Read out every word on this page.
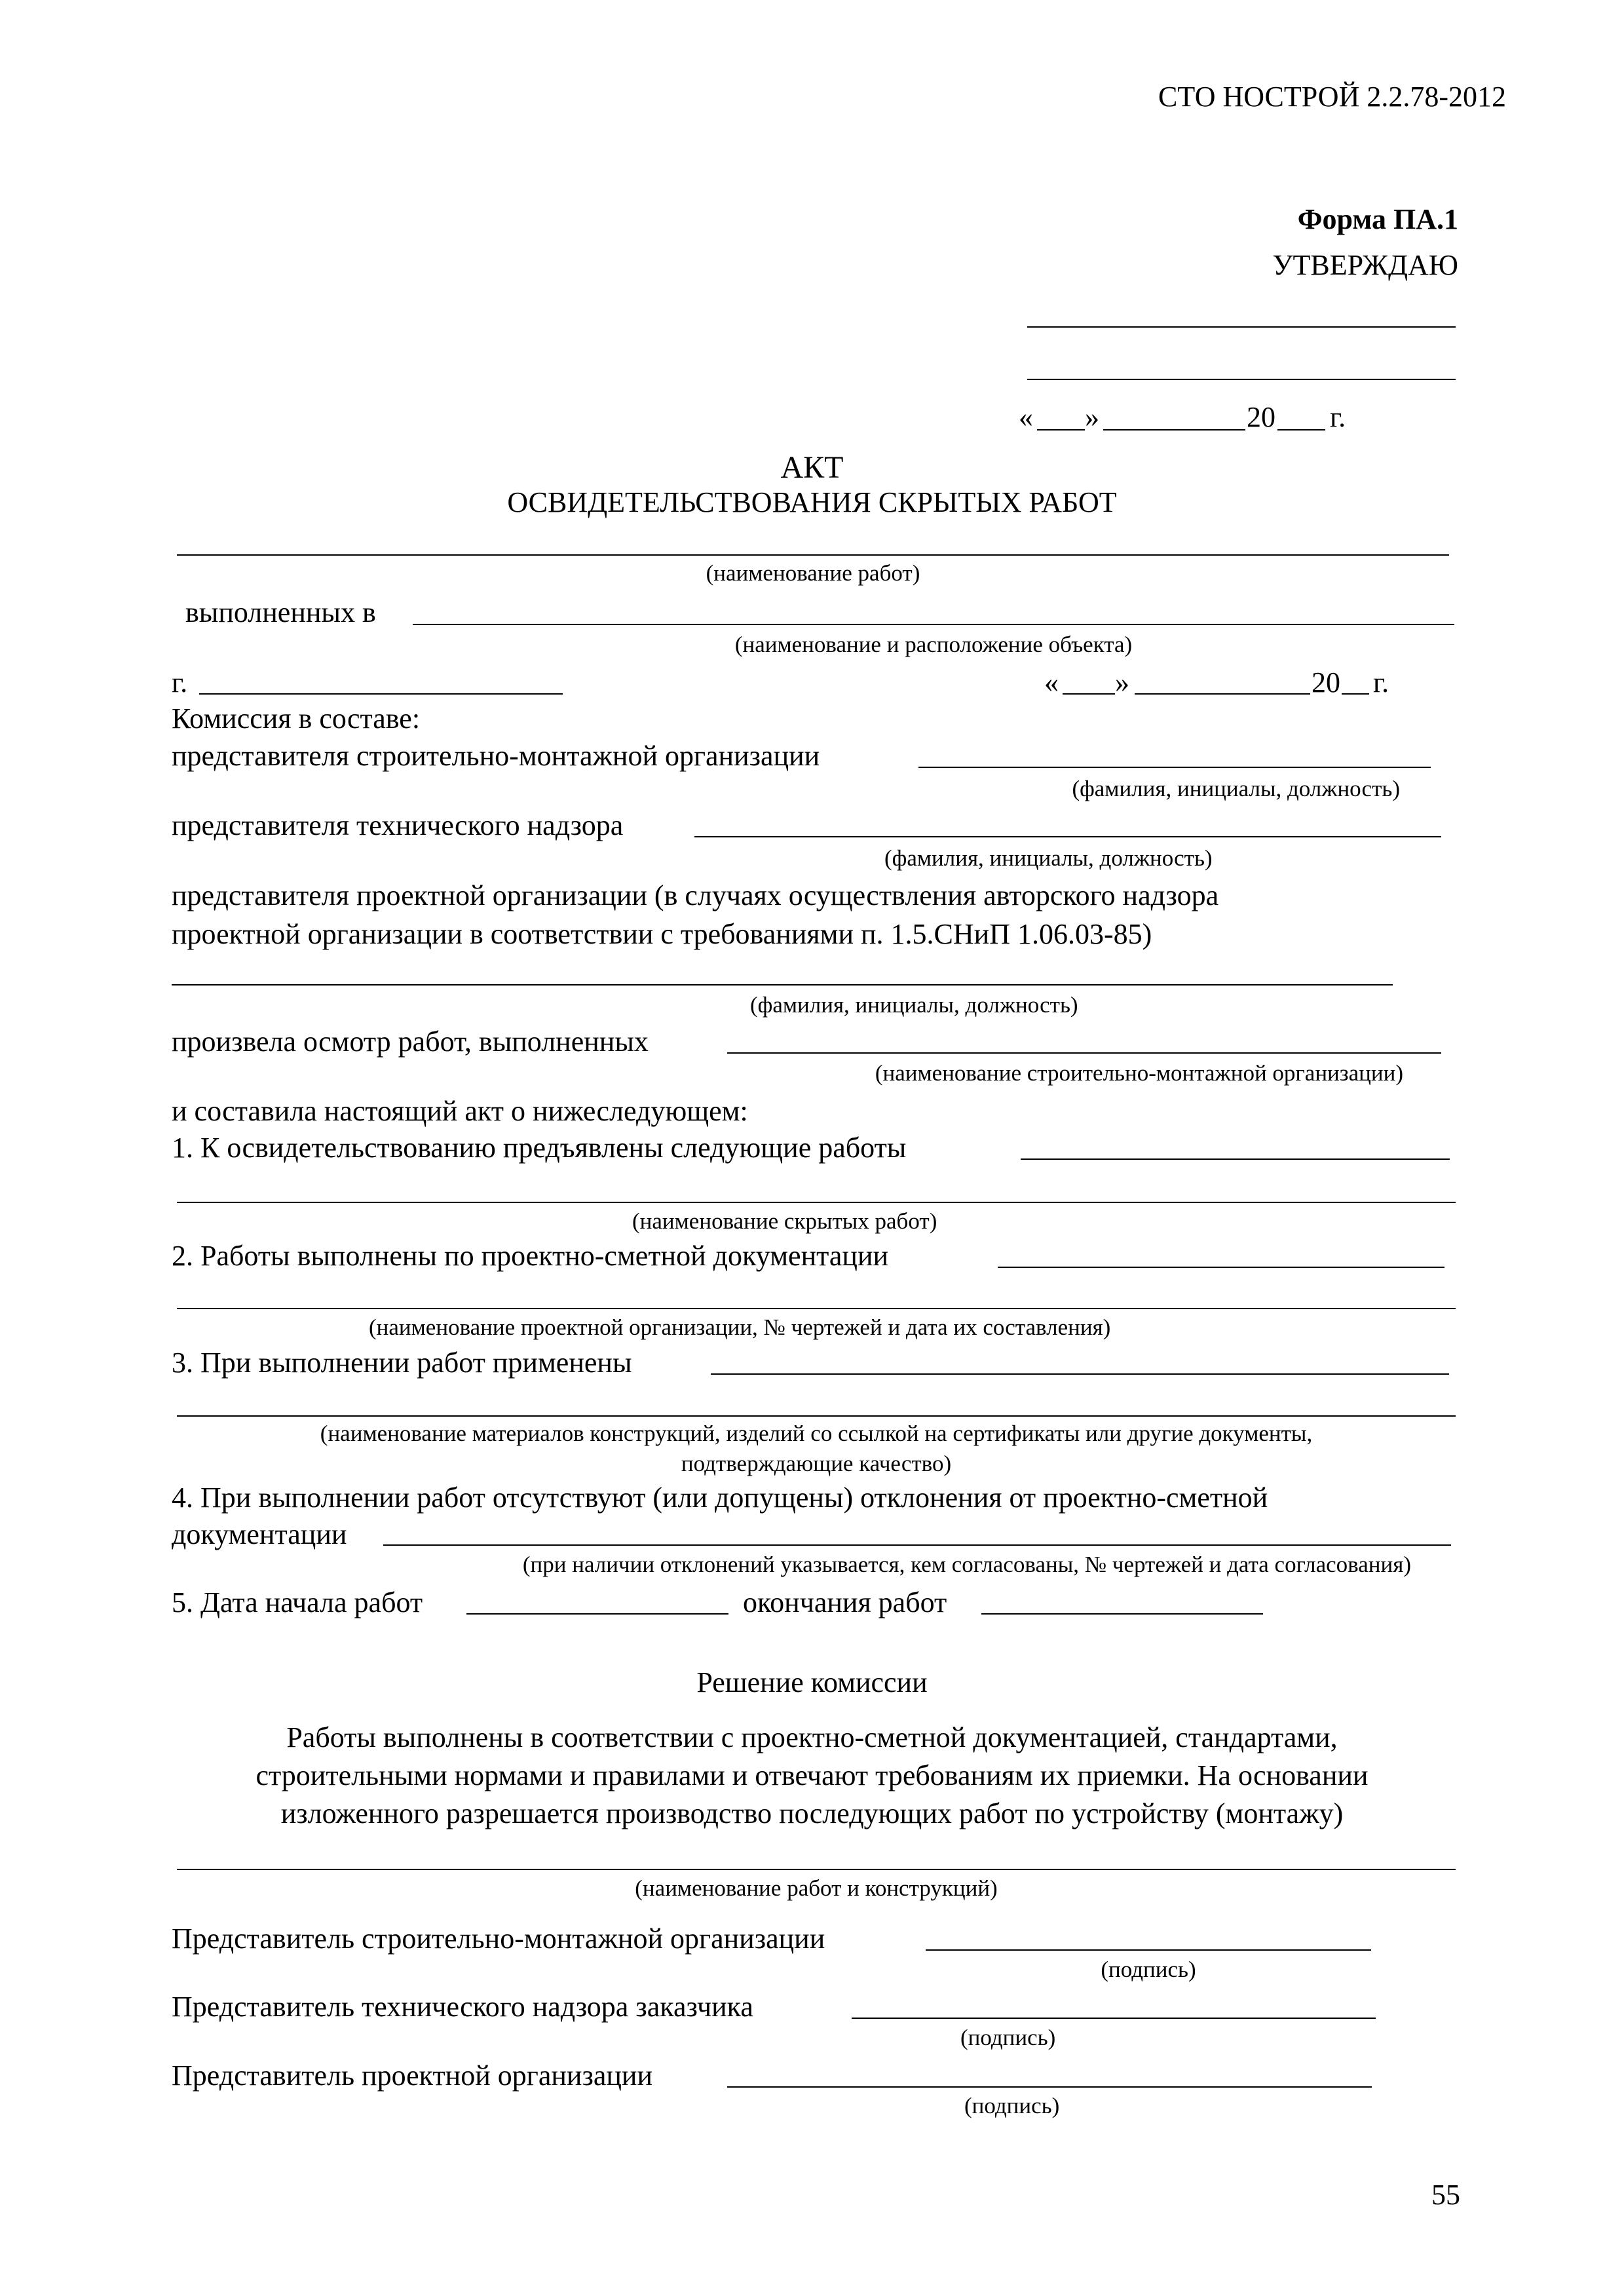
СТО НОСТРОЙ 2.2.78-2012
Форма ПА.1
УТВЕРЖДАЮ
« »	20 г.
АКТ
ОСВИДЕТЕЛЬСТВОВАНИЯ СКРЫТЫХ РАБОТ
(наименование работ)
выполненных в
(наименование и расположение объекта)
г.	« »	20 г.
Комиссия в составе:
представителя строительно-монтажной организации
(фамилия, инициалы, должность)
представителя технического надзора
(фамилия, инициалы, должность)
представителя проектной организации (в случаях осуществления авторского надзора
проектной организации в соответствии с требованиями п. 1.5.СНиП 1.06.03-85)
(фамилия, инициалы, должность)
произвела осмотр работ, выполненных
(наименование строительно-монтажной организации)
и составила настоящий акт о нижеследующем:
1. К освидетельствованию предъявлены следующие работы
(наименование скрытых работ)
2. Работы выполнены по проектно-сметной документации
(наименование проектной организации, № чертежей и дата их составления)
3. При выполнении работ применены
(наименование материалов конструкций, изделий со ссылкой на сертификаты или другие документы,
подтверждающие качество)
4. При выполнении работ отсутствуют (или допущены) отклонения от проектно-сметной
документации
(при наличии отклонений указывается, кем согласованы, № чертежей и дата согласования)
5. Дата начала работ	окончания работ
Решение комиссии
Работы выполнены в соответствии с проектно-сметной документацией, стандартами,
строительными нормами и правилами и отвечают требованиям их приемки. На основании
изложенного разрешается производство последующих работ по устройству (монтажу)
(наименование работ и конструкций)
Представитель строительно-монтажной организации
(подпись)
Представитель технического надзора заказчика
(подпись)
Представитель проектной организации
(подпись)
55
